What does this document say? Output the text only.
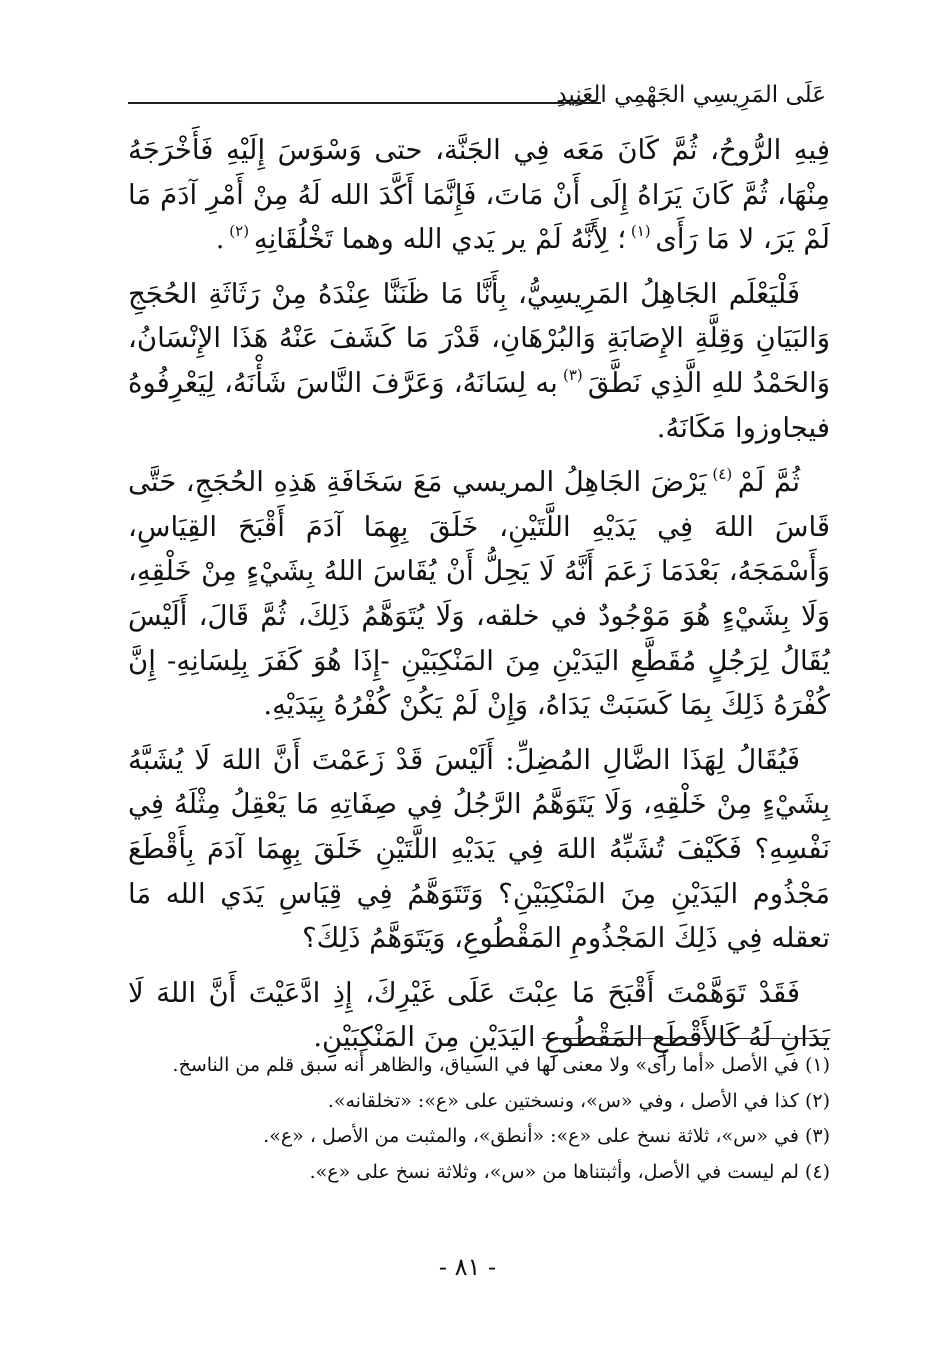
عَلَى المَرِيسِي الجَهْمِي العَنِيدِ

فِيهِ الرُّوحُ، ثُمَّ كَانَ مَعَه فِي الجَنَّة، حتى وَسْوَسَ إِلَيْهِ فَأَخْرَجَهُ مِنْهَا، ثُمَّ كَانَ يَرَاهُ إِلَى أَنْ مَاتَ، فَإِنَّمَا أَكَّدَ الله لَهُ مِنْ أَمْرِ آدَمَ مَا لَمْ يَرَ، لا مَا رَأَى $^{(١)}$ ؛ لِأَنَّهُ لَمْ ير يَدي الله وهما تَخْلُقَانِهِ $^{(٢)}$ .

فَلْيَعْلَم الجَاهِلُ المَرِيسِيُّ، بِأَنَّا مَا ظَنَنَّا عِنْدَهُ مِنْ رَثَاثَةِ الحُجَجِ وَالبَيَانِ وَقِلَّةِ الإِصَابَةِ وَالبُرْهَانِ، قَدْرَ مَا كَشَفَ عَنْهُ هَذَا الإِنْسَانُ، وَالحَمْدُ للهِ الَّذِي نَطَّقَ $^{(٣)}$ به لِسَانَهُ، وَعَرَّفَ النَّاسَ شَأْنَهُ، لِيَعْرِفُوهُ فيجاوزوا مَكَانَهُ.

ثُمَّ لَمْ $^{(٤)}$ يَرْضَ الجَاهِلُ المريسي مَعَ سَخَافَةِ هَذِهِ الحُجَجِ، حَتَّى قَاسَ اللهَ فِي يَدَيْهِ اللَّتَيْنِ، خَلَقَ بِهِمَا آدَمَ أَقْبَحَ القِيَاسِ، وَأَسْمَجَهُ، بَعْدَمَا زَعَمَ أَنَّهُ لَا يَحِلُّ أَنْ يُقَاسَ اللهُ بِشَيْءٍ مِنْ خَلْقِهِ، وَلَا بِشَيْءٍ هُوَ مَوْجُودٌ في خلقه، وَلَا يُتَوَهَّمُ ذَلِكَ، ثُمَّ قَالَ، أَلَيْسَ يُقَالُ لِرَجُلٍ مُقَطَّعِ اليَدَيْنِ مِنَ المَنْكِبَيْنِ -إِذَا هُوَ كَفَرَ بِلِسَانِهِ- إِنَّ كُفْرَهُ ذَلِكَ بِمَا كَسَبَتْ يَدَاهُ، وَإِنْ لَمْ يَكُنْ كُفْرُهُ بِيَدَيْهِ.

فَيُقَالُ لِهَذَا الضَّالِ المُضِلِّ: أَلَيْسَ قَدْ زَعَمْتَ أَنَّ اللهَ لَا يُشَبَّهُ بِشَيْءٍ مِنْ خَلْقِهِ، وَلَا يَتَوَهَّمُ الرَّجُلُ فِي صِفَاتِهِ مَا يَعْقِلُ مِثْلَهُ فِي نَفْسِهِ؟ فَكَيْفَ تُشَبِّهُ اللهَ فِي يَدَيْهِ اللَّتَيْنِ خَلَقَ بِهِمَا آدَمَ بِأَقْطَعَ مَجْذُوم اليَدَيْنِ مِنَ المَنْكِبَيْنِ؟ وَتَتَوَهَّمُ فِي قِيَاسِ يَدَي الله مَا تعقله فِي ذَلِكَ المَجْذُومِ المَقْطُوعِ، وَيَتَوَهَّمُ ذَلِكَ؟

فَقَدْ تَوَهَّمْتَ أَقْبَحَ مَا عِبْتَ عَلَى غَيْرِكَ، إِذِ ادَّعَيْتَ أَنَّ اللهَ لَا يَدَانِ لَهُ كَالأَقْطَعِ المَقْطُوعِ اليَدَيْنِ مِنَ المَنْكِبَيْنِ.

(١) في الأصل «أما رأى» ولا معنى لها في السياق، والظاهر أنه سبق قلم من الناسخ.
(٢) كذا في الأصل ، وفي «س»، ونسختين على «ع»: «تخلقانه».
(٣) في «س»، ثلاثة نسخ على «ع»: «أنطق»، والمثبت من الأصل ، «ع».
(٤) لم ليست في الأصل، وأثبتناها من «س»، وثلاثة نسخ على «ع».
- ٨١ -
